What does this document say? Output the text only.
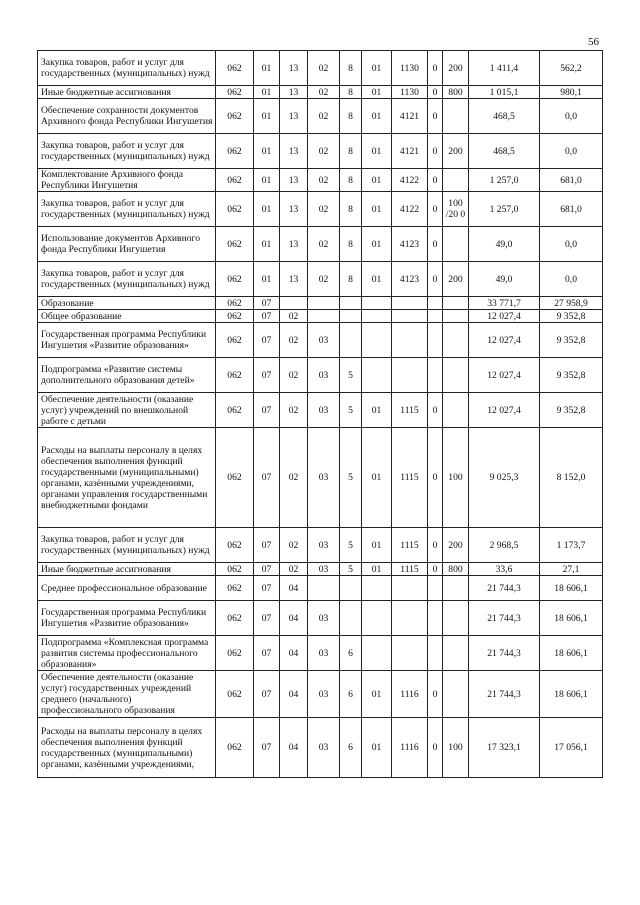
56
Закупка товаров, работ и услуг для государственных (муниципальных) нужд	062	01	13	02	8	01	1130	0	200	1 411,4	562,2
Иные бюджетные ассигнования	062	01	13	02	8	01	1130	0	800	1 015,1	980,1
Обеспечение сохранности документов Архивного фонда Республики Ингушетия	062	01	13	02	8	01	4121	0		468,5	0,0
Закупка товаров, работ и услуг для государственных (муниципальных) нужд	062	01	13	02	8	01	4121	0	200	468,5	0,0
Комплектование Архивного фонда Республики Ингушетия	062	01	13	02	8	01	4122	0		1 257,0	681,0
Закупка товаров, работ и услуг для государственных (муниципальных) нужд	062	01	13	02	8	01	4122	0	100 /20 0	1 257,0	681,0
Использование документов Архивного фонда Республики Ингушетия	062	01	13	02	8	01	4123	0		49,0	0,0
Закупка товаров, работ и услуг для государственных (муниципальных) нужд	062	01	13	02	8	01	4123	0	200	49,0	0,0
Образование	062	07								33 771,7	27 958,9
Общее образование	062	07	02							12 027,4	9 352,8
Государственная программа Республики Ингушетия «Развитие образования»	062	07	02	03						12 027,4	9 352,8
Подпрограмма «Развитие системы дополнительного образования детей»	062	07	02	03	5					12 027,4	9 352,8
Обеспечение деятельности (оказание услуг) учреждений по внешкольной работе с детьми	062	07	02	03	5	01	1115	0		12 027,4	9 352,8
Расходы на выплаты персоналу в целях обеспечения выполнения функций государственными (муниципальными) органами, казёнными учреждениями, органами управления государственными внебюджетными фондами	062	07	02	03	5	01	1115	0	100	9 025,3	8 152,0
Закупка товаров, работ и услуг для государственных (муниципальных) нужд	062	07	02	03	5	01	1115	0	200	2 968,5	1 173,7
Иные бюджетные ассигнования	062	07	02	03	5	01	1115	0	800	33,6	27,1
Среднее профессиональное образование	062	07	04							21 744,3	18 606,1
Государственная программа Республики Ингушетия «Развитие образования»	062	07	04	03						21 744,3	18 606,1
Подпрограмма «Комплексная программа развития системы профессионального образования»	062	07	04	03	6					21 744,3	18 606,1
Обеспечение деятельности (оказание услуг) государственных учреждений среднего (начального) профессионального образования	062	07	04	03	6	01	1116	0		21 744,3	18 606,1
Расходы на выплаты персоналу в целях обеспечения выполнения функций государственных (муниципальными) органами, казёнными учреждениями,	062	07	04	03	6	01	1116	0	100	17 323,1	17 056,1
